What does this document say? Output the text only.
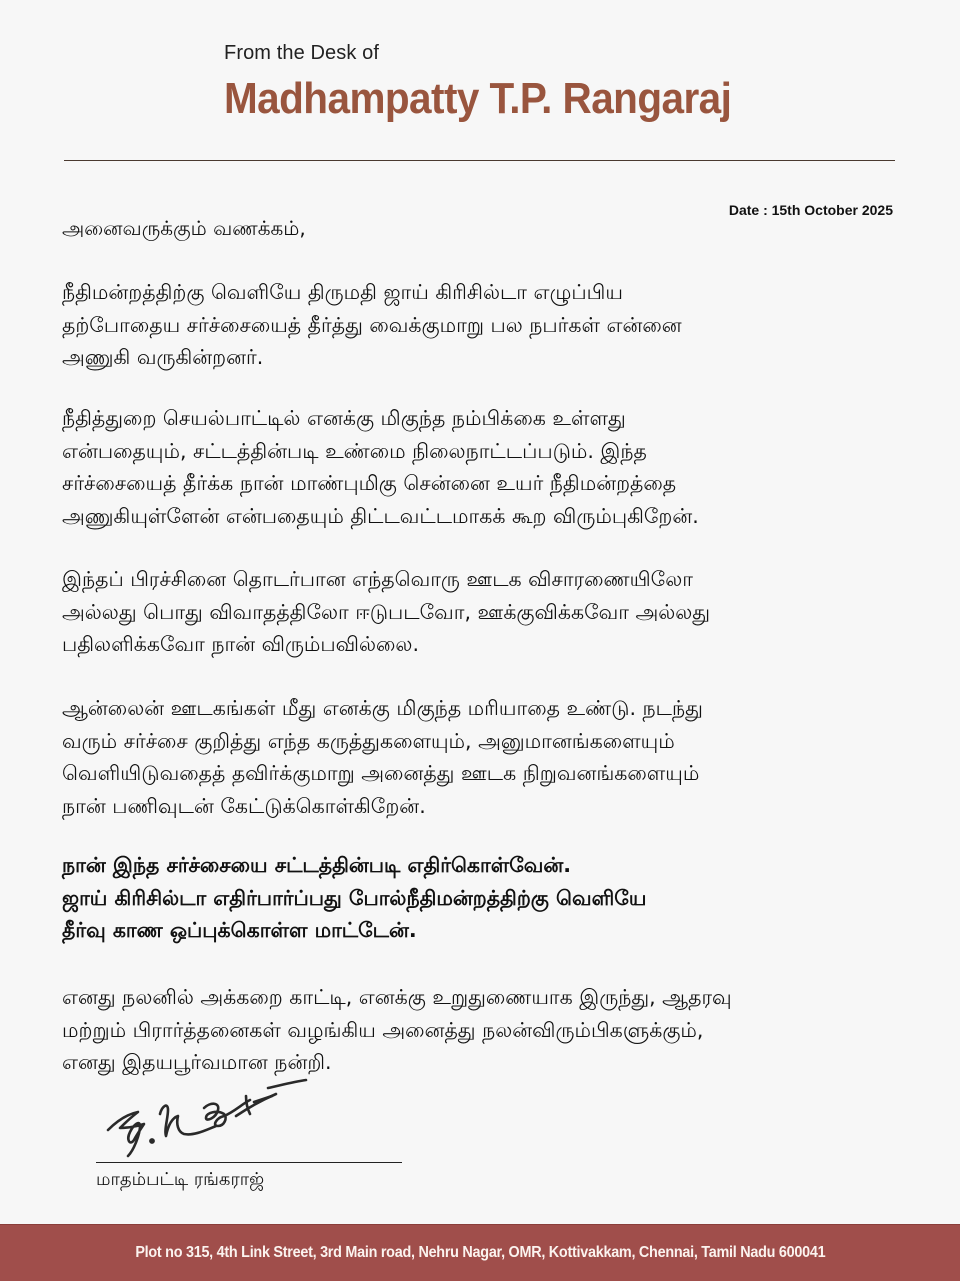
From the Desk of
Madhampatty T.P. Rangaraj
Date : 15th October 2025
அனைவருக்கும் வணக்கம்,
நீதிமன்றத்திற்கு வெளியே திருமதி ஜாய் கிரிசில்டா எழுப்பிய
தற்போதைய சர்ச்சையைத் தீர்த்து வைக்குமாறு பல நபர்கள் என்னை
அணுகி வருகின்றனர்.
நீதித்துறை செயல்பாட்டில் எனக்கு மிகுந்த நம்பிக்கை உள்ளது
என்பதையும், சட்டத்தின்படி உண்மை நிலைநாட்டப்படும். இந்த
சர்ச்சையைத் தீர்க்க நான் மாண்புமிகு சென்னை உயர் நீதிமன்றத்தை
அணுகியுள்ளேன் என்பதையும் திட்டவட்டமாகக் கூற விரும்புகிறேன்.
இந்தப் பிரச்சினை தொடர்பான எந்தவொரு ஊடக விசாரணையிலோ
அல்லது பொது விவாதத்திலோ ஈடுபடவோ, ஊக்குவிக்கவோ அல்லது
பதிலளிக்கவோ நான் விரும்பவில்லை.
ஆன்லைன் ஊடகங்கள் மீது எனக்கு மிகுந்த மரியாதை உண்டு. நடந்து
வரும் சர்ச்சை குறித்து எந்த கருத்துகளையும், அனுமானங்களையும்
வெளியிடுவதைத் தவிர்க்குமாறு அனைத்து ஊடக நிறுவனங்களையும்
நான் பணிவுடன் கேட்டுக்கொள்கிறேன்.
நான் இந்த சர்ச்சையை சட்டத்தின்படி எதிர்கொள்வேன்.
ஜாய் கிரிசில்டா எதிர்பார்ப்பது போல்நீதிமன்றத்திற்கு வெளியே
தீர்வு காண ஒப்புக்கொள்ள மாட்டேன்.
எனது நலனில் அக்கறை காட்டி, எனக்கு உறுதுணையாக இருந்து, ஆதரவு
மற்றும் பிரார்த்தனைகள் வழங்கிய அனைத்து நலன்விரும்பிகளுக்கும்,
எனது இதயபூர்வமான நன்றி.
மாதம்பட்டி ரங்கராஜ்
Plot no 315, 4th Link Street, 3rd Main road, Nehru Nagar, OMR, Kottivakkam, Chennai, Tamil Nadu 600041
